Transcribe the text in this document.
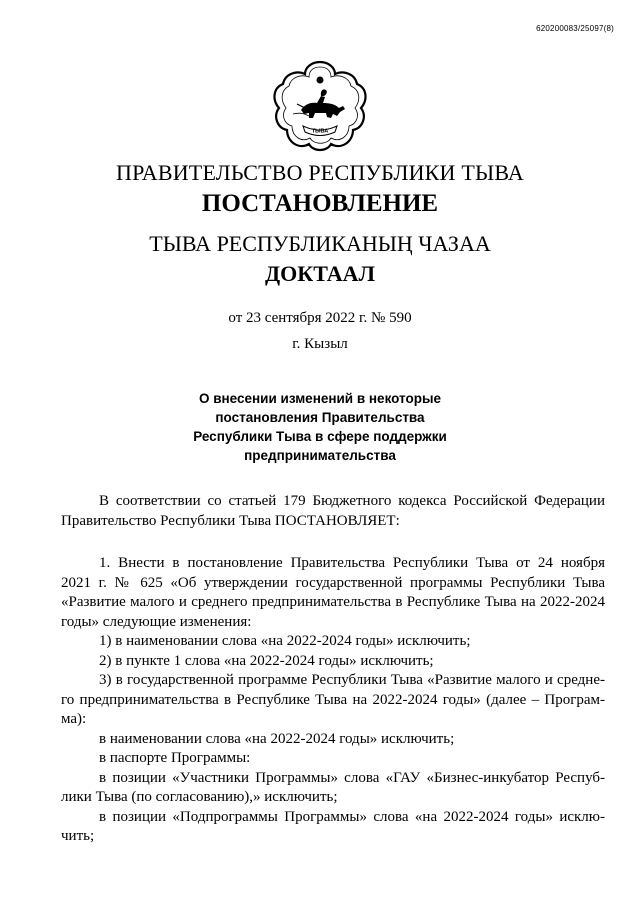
620200083/25097(8)
ТЫВА
ПРАВИТЕЛЬСТВО РЕСПУБЛИКИ ТЫВА
ПОСТАНОВЛЕНИЕ
ТЫВА РЕСПУБЛИКАНЫҢ ЧАЗАА
ДОКТААЛ
от 23 сентября 2022 г. № 590
г. Кызыл
О внесении изменений в некоторые
постановления Правительства
Республики Тыва в сфере поддержки
предпринимательства
В соответствии со статьей 179 Бюджетного кодекса Российской Федерации
Правительство Республики Тыва ПОСТАНОВЛЯЕТ:
1. Внести в постановление Правительства Республики Тыва от 24 ноября
2021 г. № 625 «Об утверждении государственной программы Республики Тыва
«Развитие малого и среднего предпринимательства в Республике Тыва на 2022-2024
годы» следующие изменения:
1) в наименовании слова «на 2022-2024 годы» исключить;
2) в пункте 1 слова «на 2022-2024 годы» исключить;
3) в государственной программе Республики Тыва «Развитие малого и средне-
го предпринимательства в Республике Тыва на 2022-2024 годы» (далее – Програм-
ма):
в наименовании слова «на 2022-2024 годы» исключить;
в паспорте Программы:
в позиции «Участники Программы» слова «ГАУ «Бизнес-инкубатор Респуб-
лики Тыва (по согласованию),» исключить;
в позиции «Подпрограммы Программы» слова «на 2022-2024 годы» исклю-
чить;
